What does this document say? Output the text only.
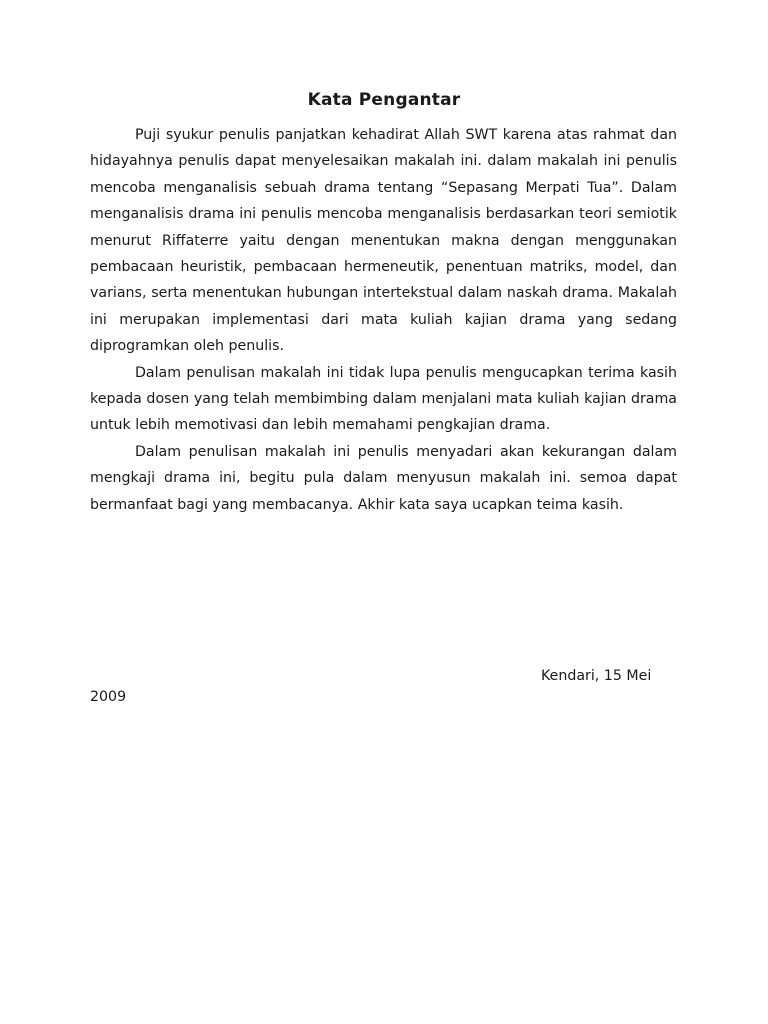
Kata Pengantar

Puji syukur penulis panjatkan kehadirat Allah SWT karena atas rahmat dan hidayahnya penulis dapat menyelesaikan makalah ini. dalam makalah ini penulis mencoba menganalisis sebuah drama tentang “Sepasang Merpati Tua”. Dalam menganalisis drama ini penulis mencoba menganalisis berdasarkan teori semiotik menurut Riffaterre yaitu dengan menentukan makna dengan menggunakan pembacaan heuristik, pembacaan hermeneutik, penentuan matriks, model, dan varians, serta menentukan hubungan intertekstual dalam naskah drama. Makalah ini merupakan implementasi dari mata kuliah kajian drama yang sedang diprogramkan oleh penulis.

Dalam penulisan makalah ini tidak lupa penulis mengucapkan terima kasih kepada dosen yang telah membimbing dalam menjalani mata kuliah kajian drama untuk lebih memotivasi dan lebih memahami pengkajian drama.

Dalam penulisan makalah ini penulis menyadari akan kekurangan dalam mengkaji drama ini, begitu pula dalam menyusun makalah ini. semoa dapat bermanfaat bagi yang membacanya. Akhir kata saya ucapkan teima kasih.

Kendari, 15 Mei
2009
